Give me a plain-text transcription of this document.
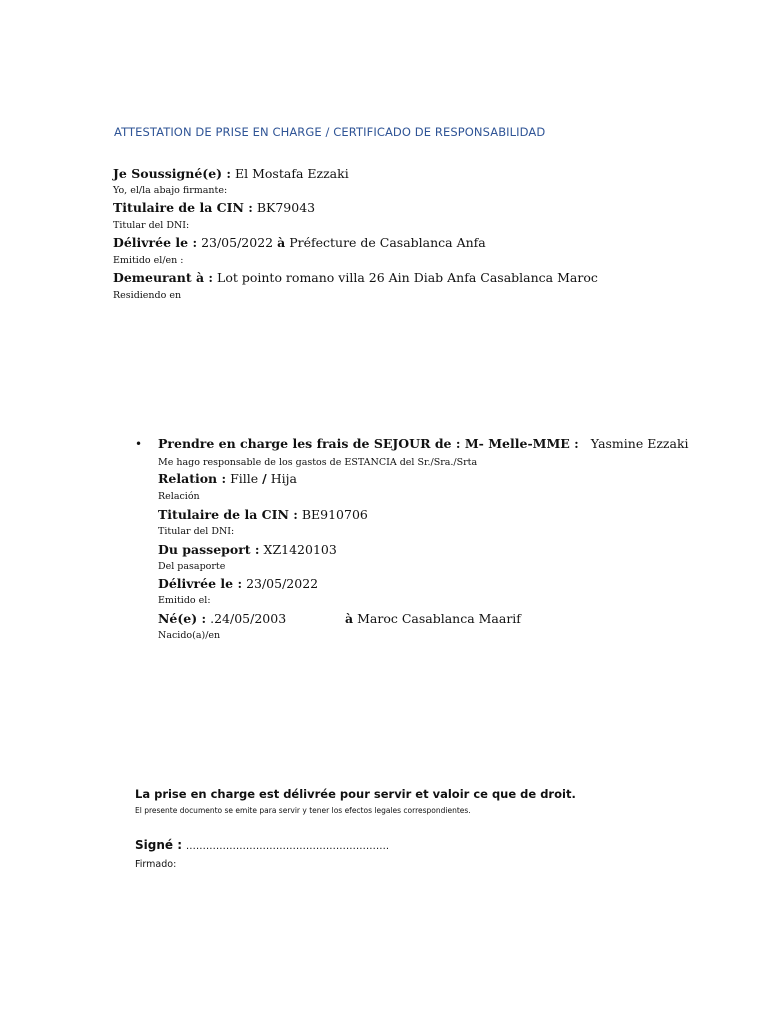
ATTESTATION DE PRISE EN CHARGE / CERTIFICADO DE RESPONSABILIDAD
Je Soussigné(e) : El Mostafa Ezzaki
Yo, el/la abajo firmante:
Titulaire de la CIN : BK79043
Titular del DNI:
Délivrée le : 23/05/2022 à Préfecture de Casablanca Anfa
Emitido el/en :
Demeurant à : Lot pointo romano villa 26 Ain Diab Anfa Casablanca Maroc
Residiendo en
• Prendre en charge les frais de SEJOUR de : M- Melle-MME : Yasmine Ezzaki
Me hago responsable de los gastos de ESTANCIA del Sr./Sra./Srta
Relation : Fille / Hija
Relación
Titulaire de la CIN : BE910706
Titular del DNI:
Du passeport : XZ1420103
Del pasaporte
Délivrée le : 23/05/2022
Emitido el:
Né(e) : .24/05/2003	à Maroc Casablanca Maarif
Nacido(a)/en
La prise en charge est délivrée pour servir et valoir ce que de droit.
El presente documento se emite para servir y tener los efectos legales correspondientes.
Signé : …………………………………………………….
Firmado:
